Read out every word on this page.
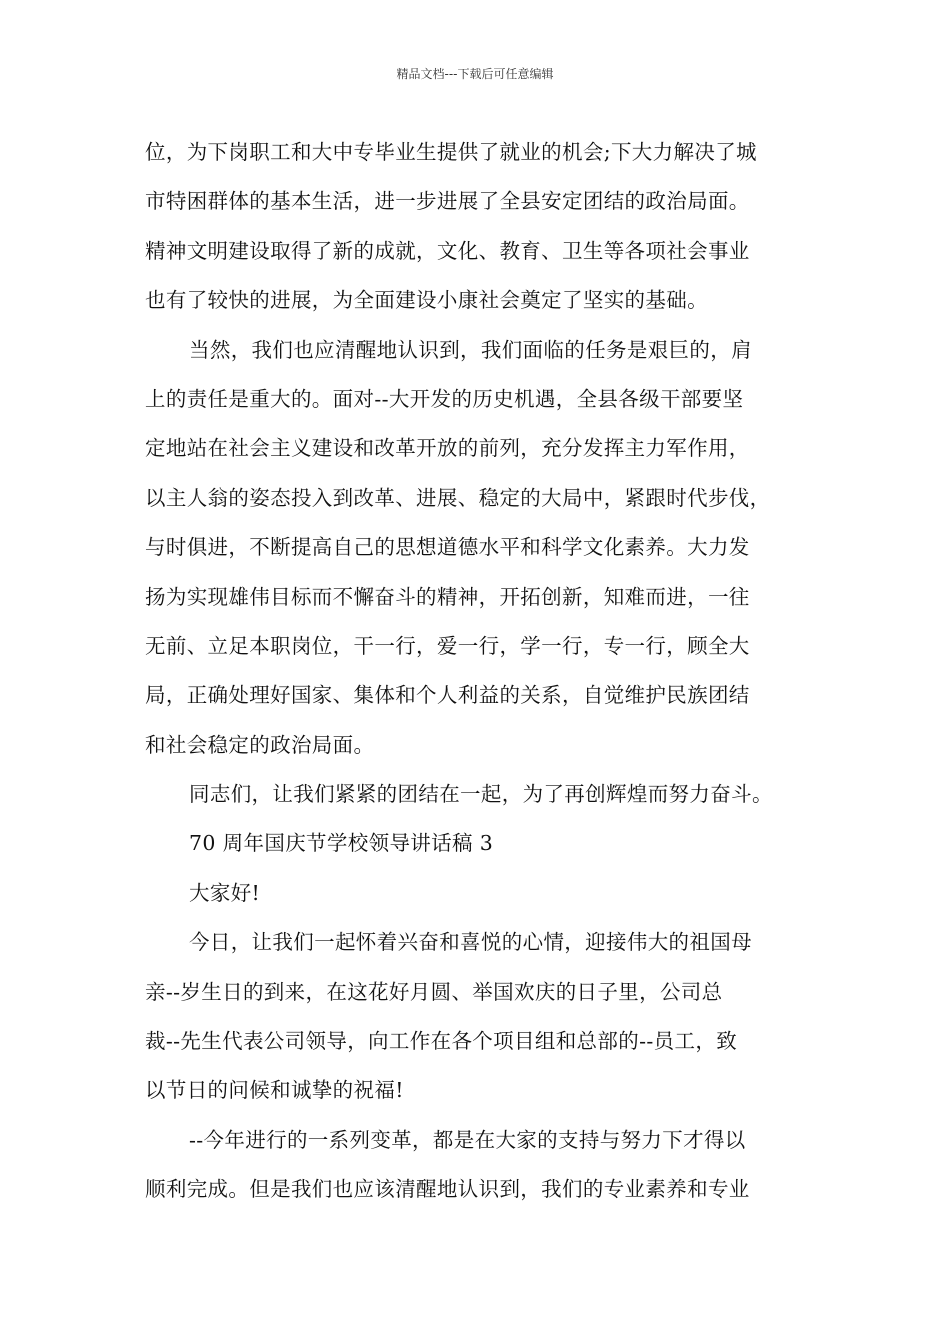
精品文档---下载后可任意编辑
位，为下岗职工和大中专毕业生提供了就业的机会;下大力解决了城
市特困群体的基本生活，进一步进展了全县安定团结的政治局面。
精神文明建设取得了新的成就，文化、教育、卫生等各项社会事业
也有了较快的进展，为全面建设小康社会奠定了坚实的基础。
当然，我们也应清醒地认识到，我们面临的任务是艰巨的，肩
上的责任是重大的。面对--大开发的历史机遇，全县各级干部要坚
定地站在社会主义建设和改革开放的前列，充分发挥主力军作用，
以主人翁的姿态投入到改革、进展、稳定的大局中，紧跟时代步伐，
与时俱进，不断提高自己的思想道德水平和科学文化素养。大力发
扬为实现雄伟目标而不懈奋斗的精神，开拓创新，知难而进，一往
无前、立足本职岗位，干一行，爱一行，学一行，专一行，顾全大
局，正确处理好国家、集体和个人利益的关系，自觉维护民族团结
和社会稳定的政治局面。
同志们，让我们紧紧的团结在一起，为了再创辉煌而努力奋斗。
70 周年国庆节学校领导讲话稿 3
大家好!
今日，让我们一起怀着兴奋和喜悦的心情，迎接伟大的祖国母
亲--岁生日的到来，在这花好月圆、举国欢庆的日子里，公司总
裁--先生代表公司领导，向工作在各个项目组和总部的--员工，致
以节日的问候和诚挚的祝福!
--今年进行的一系列变革，都是在大家的支持与努力下才得以
顺利完成。但是我们也应该清醒地认识到，我们的专业素养和专业
